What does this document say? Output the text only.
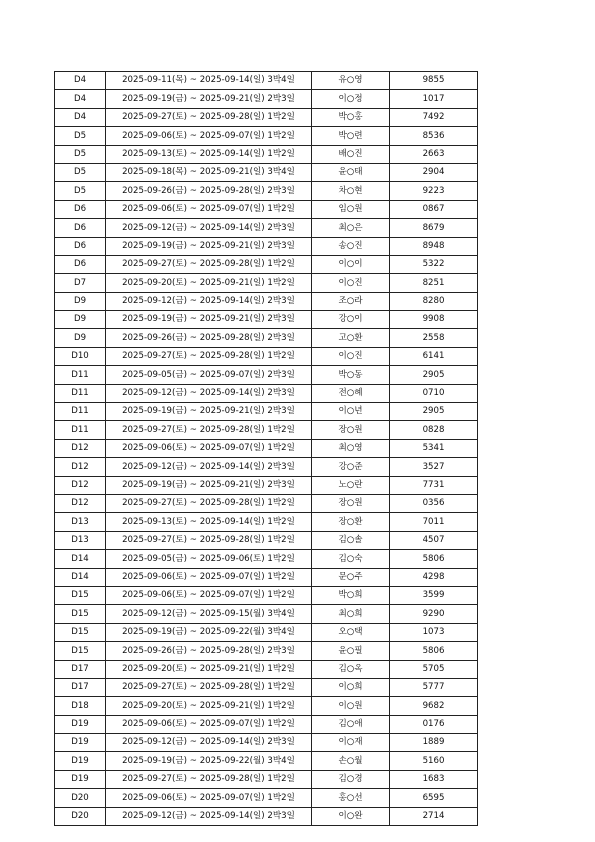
D4	2025-09-11(목) ~ 2025-09-14(일) 3박4일	유○영	9855
D4	2025-09-19(금) ~ 2025-09-21(일) 2박3일	이○정	1017
D4	2025-09-27(토) ~ 2025-09-28(일) 1박2일	박○홍	7492
D5	2025-09-06(토) ~ 2025-09-07(일) 1박2일	박○련	8536
D5	2025-09-13(토) ~ 2025-09-14(일) 1박2일	배○진	2663
D5	2025-09-18(목) ~ 2025-09-21(일) 3박4일	윤○태	2904
D5	2025-09-26(금) ~ 2025-09-28(일) 2박3일	차○현	9223
D6	2025-09-06(토) ~ 2025-09-07(일) 1박2일	임○원	0867
D6	2025-09-12(금) ~ 2025-09-14(일) 2박3일	최○은	8679
D6	2025-09-19(금) ~ 2025-09-21(일) 2박3일	송○진	8948
D6	2025-09-27(토) ~ 2025-09-28(일) 1박2일	이○이	5322
D7	2025-09-20(토) ~ 2025-09-21(일) 1박2일	이○진	8251
D9	2025-09-12(금) ~ 2025-09-14(일) 2박3일	조○라	8280
D9	2025-09-19(금) ~ 2025-09-21(일) 2박3일	강○이	9908
D9	2025-09-26(금) ~ 2025-09-28(일) 2박3일	고○환	2558
D10	2025-09-27(토) ~ 2025-09-28(일) 1박2일	이○진	6141
D11	2025-09-05(금) ~ 2025-09-07(일) 2박3일	박○동	2905
D11	2025-09-12(금) ~ 2025-09-14(일) 2박3일	전○혜	0710
D11	2025-09-19(금) ~ 2025-09-21(일) 2박3일	이○년	2905
D11	2025-09-27(토) ~ 2025-09-28(일) 1박2일	장○원	0828
D12	2025-09-06(토) ~ 2025-09-07(일) 1박2일	최○영	5341
D12	2025-09-12(금) ~ 2025-09-14(일) 2박3일	강○준	3527
D12	2025-09-19(금) ~ 2025-09-21(일) 2박3일	노○란	7731
D12	2025-09-27(토) ~ 2025-09-28(일) 1박2일	장○원	0356
D13	2025-09-13(토) ~ 2025-09-14(일) 1박2일	장○환	7011
D13	2025-09-27(토) ~ 2025-09-28(일) 1박2일	김○솔	4507
D14	2025-09-05(금) ~ 2025-09-06(토) 1박2일	김○숙	5806
D14	2025-09-06(토) ~ 2025-09-07(일) 1박2일	문○주	4298
D15	2025-09-06(토) ~ 2025-09-07(일) 1박2일	박○희	3599
D15	2025-09-12(금) ~ 2025-09-15(월) 3박4일	최○희	9290
D15	2025-09-19(금) ~ 2025-09-22(월) 3박4일	오○택	1073
D15	2025-09-26(금) ~ 2025-09-28(일) 2박3일	윤○필	5806
D17	2025-09-20(토) ~ 2025-09-21(일) 1박2일	김○옥	5705
D17	2025-09-27(토) ~ 2025-09-28(일) 1박2일	이○희	5777
D18	2025-09-20(토) ~ 2025-09-21(일) 1박2일	이○원	9682
D19	2025-09-06(토) ~ 2025-09-07(일) 1박2일	김○애	0176
D19	2025-09-12(금) ~ 2025-09-14(일) 2박3일	이○재	1889
D19	2025-09-19(금) ~ 2025-09-22(월) 3박4일	손○월	5160
D19	2025-09-27(토) ~ 2025-09-28(일) 1박2일	김○경	1683
D20	2025-09-06(토) ~ 2025-09-07(일) 1박2일	홍○선	6595
D20	2025-09-12(금) ~ 2025-09-14(일) 2박3일	이○완	2714
